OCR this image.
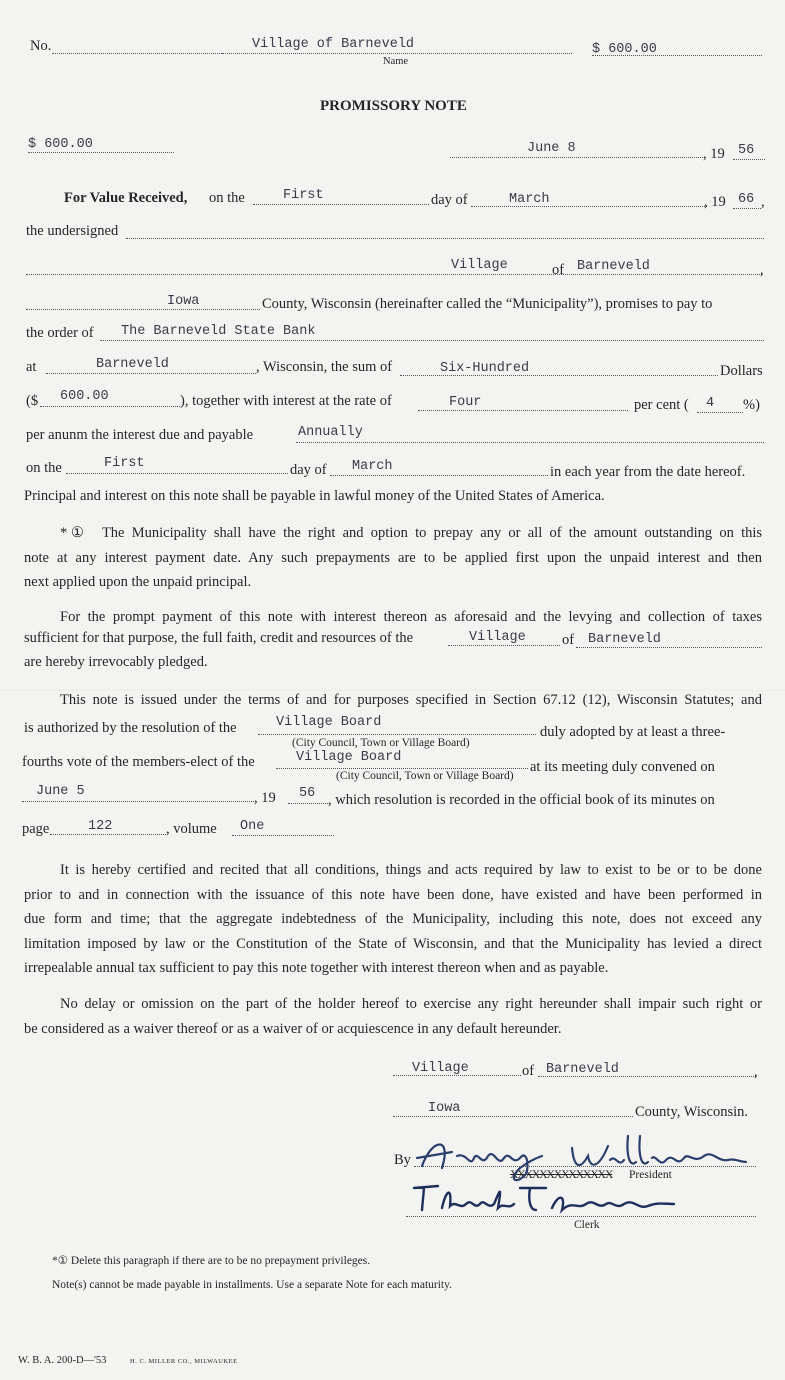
No.	Village of Barneveld
Name
$ 600.00
PROMISSORY NOTE
$ 600.00	June 8	, 19 56
For Value Received, on the	First	day of	March	, 19 66 ,
the undersigned
Village	of Barneveld	,
Iowa	County, Wisconsin (hereinafter called the “Municipality”), promises to pay to
the order of The Barneveld State Bank
at	Barneveld	, Wisconsin, the sum of	Six-Hundred	Dollars
($ 600.00	), together with interest at the rate of	Four	per cent ( 4 %)
per anunm the interest due and payable	Annually
on the	First	day of March	in each year from the date hereof.
Principal and interest on this note shall be payable in lawful money of the United States of America.
*① The Municipality shall have the right and option to prepay any or all of the amount outstanding on this
note at any interest payment date. Any such prepayments are to be applied first upon the unpaid interest and then
next applied upon the unpaid principal.
For the prompt payment of this note with interest thereon as aforesaid and the levying and collection of taxes
sufficient for that purpose, the full faith, credit and resources of the	Village	of Barneveld
are hereby irrevocably pledged.
This note is issued under the terms of and for purposes specified in Section 67.12 (12), Wisconsin Statutes; and
is authorized by the resolution of the	Village Board
duly adopted by at least a three-
(City Council, Town or Village Board)
fourths vote of the members-elect of the	Village Board
at its meeting duly convened on
(City Council, Town or Village Board)
June 5	, 19 56 , which resolution is recorded in the official book of its minutes on
page	122	, volume One
It is hereby certified and recited that all conditions, things and acts required by law to exist to be or to be done
prior to and in connection with the issuance of this note have been done, have existed and have been performed in
due form and time; that the aggregate indebtedness of the Municipality, including this note, does not exceed any
limitation imposed by law or the Constitution of the State of Wisconsin, and that the Municipality has levied a direct
irrepealable annual tax sufficient to pay this note together with interest thereon when and as payable.
No delay or omission on the part of the holder hereof to exercise any right hereunder shall impair such right or
be considered as a waiver thereof or as a waiver of or acquiescence in any default hereunder.
Village	of Barneveld	,
Iowa	County, Wisconsin.
By
XXXXXXXXXXXXXX President
Clerk
*① Delete this paragraph if there are to be no prepayment privileges.
Note(s) cannot be made payable in installments. Use a separate Note for each maturity.
W. B. A. 200-D—'53	H. C. MILLER CO., MILWAUKEE
